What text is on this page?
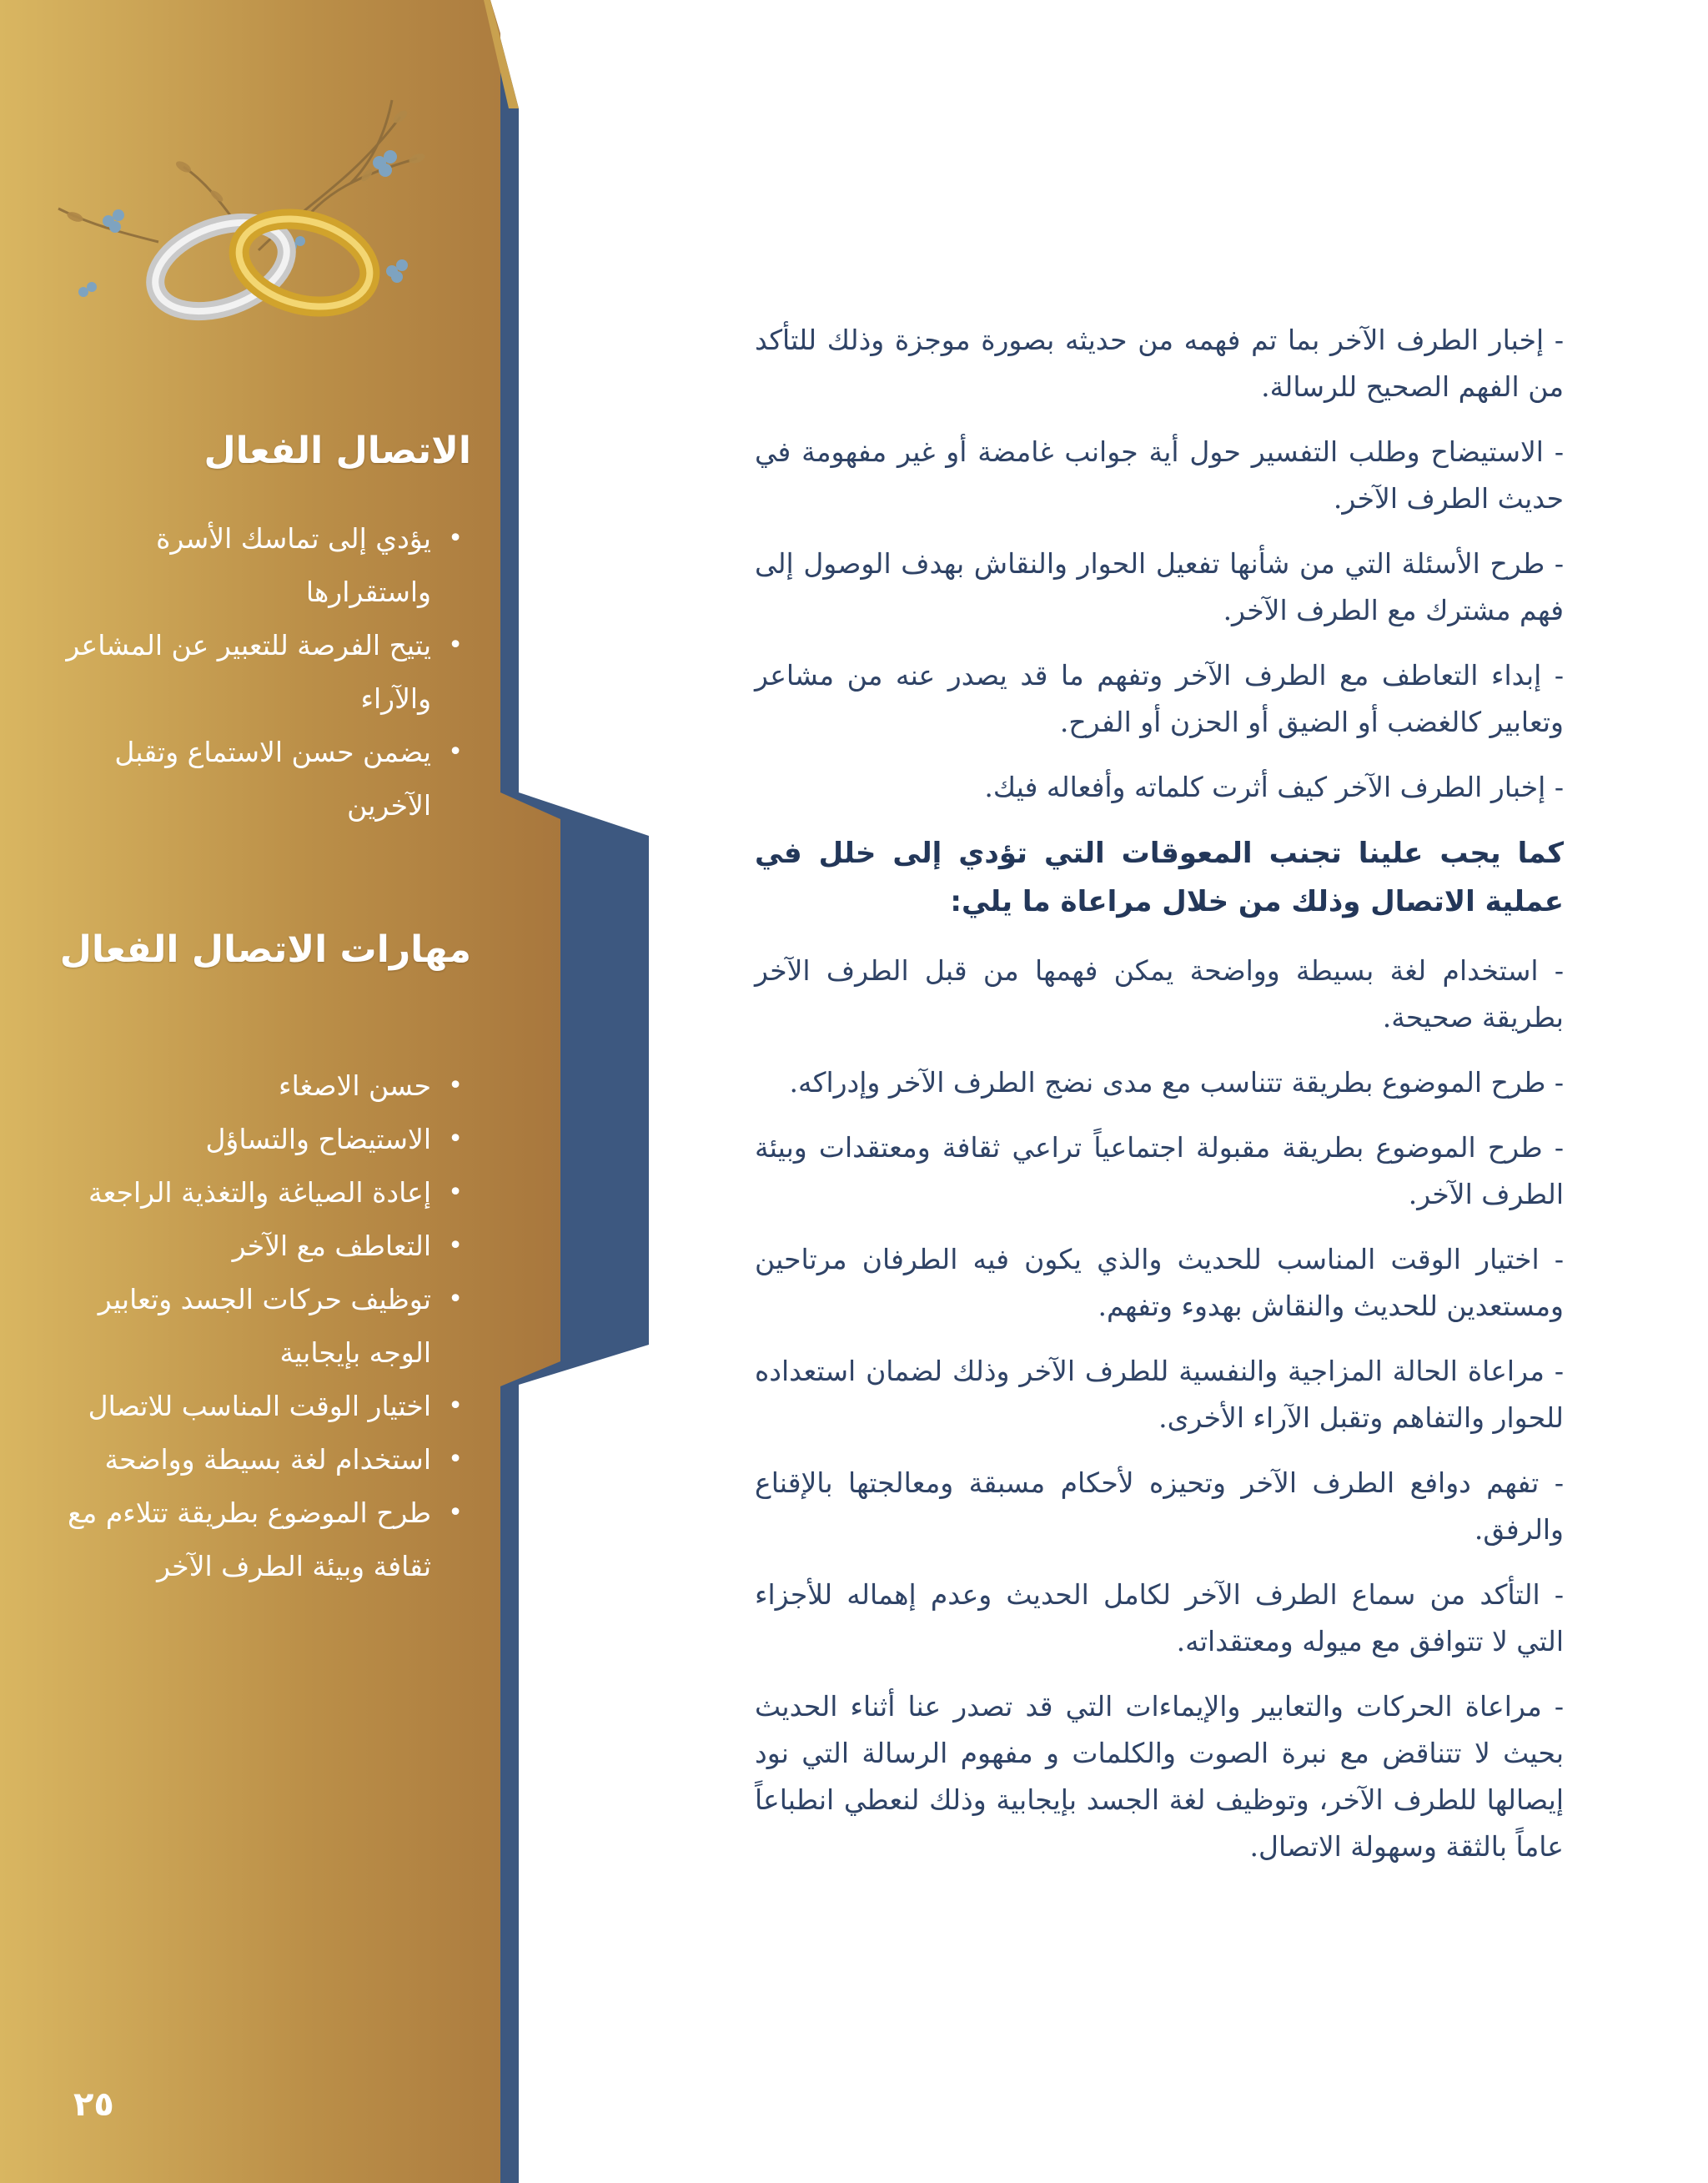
الاتصال الفعال
•
يؤدي إلى تماسك الأسرة واستقرارها
•
يتيح الفرصة للتعبير عن المشاعر والآراء
•
يضمن حسن الاستماع وتقبل الآخرين
مهارات الاتصال الفعال
•
حسن الاصغاء
•
الاستيضاح والتساؤل
•
إعادة الصياغة والتغذية الراجعة
•
التعاطف مع الآخر
•
توظيف حركات الجسد وتعابير الوجه بإيجابية
•
اختيار الوقت المناسب للاتصال
•
استخدام لغة بسيطة وواضحة
•
طرح الموضوع بطريقة تتلاءم مع ثقافة وبيئة الطرف الآخر
٢٥

- إخبار الطرف الآخر بما تم فهمه من حديثه بصورة موجزة وذلك للتأكد من الفهم الصحيح للرسالة.

- الاستيضاح وطلب التفسير حول أية جوانب غامضة أو غير مفهومة في حديث الطرف الآخر.

- طرح الأسئلة التي من شأنها تفعيل الحوار والنقاش بهدف الوصول إلى فهم مشترك مع الطرف الآخر.

- إبداء التعاطف مع الطرف الآخر وتفهم ما قد يصدر عنه من مشاعر وتعابير كالغضب أو الضيق أو الحزن أو الفرح.

- إخبار الطرف الآخر كيف أثرت كلماته وأفعاله فيك.

كما يجب علينا تجنب المعوقات التي تؤدي إلى خلل في عملية الاتصال وذلك من خلال مراعاة ما يلي:

- استخدام لغة بسيطة وواضحة يمكن فهمها من قبل الطرف الآخر بطريقة صحيحة.

- طرح الموضوع بطريقة تتناسب مع مدى نضج الطرف الآخر وإدراكه.

- طرح الموضوع بطريقة مقبولة اجتماعياً تراعي ثقافة ومعتقدات وبيئة الطرف الآخر.

- اختيار الوقت المناسب للحديث والذي يكون فيه الطرفان مرتاحين ومستعدين للحديث والنقاش بهدوء وتفهم.

- مراعاة الحالة المزاجية والنفسية للطرف الآخر وذلك لضمان استعداده للحوار والتفاهم وتقبل الآراء الأخرى.

- تفهم دوافع الطرف الآخر وتحيزه لأحكام مسبقة ومعالجتها بالإقناع والرفق.

- التأكد من سماع الطرف الآخر لكامل الحديث وعدم إهماله للأجزاء التي لا تتوافق مع ميوله ومعتقداته.

- مراعاة الحركات والتعابير والإيماءات التي قد تصدر عنا أثناء الحديث بحيث لا تتناقض مع نبرة الصوت والكلمات و مفهوم الرسالة التي نود إيصالها للطرف الآخر، وتوظيف لغة الجسد بإيجابية وذلك لنعطي انطباعاً عاماً بالثقة وسهولة الاتصال.
